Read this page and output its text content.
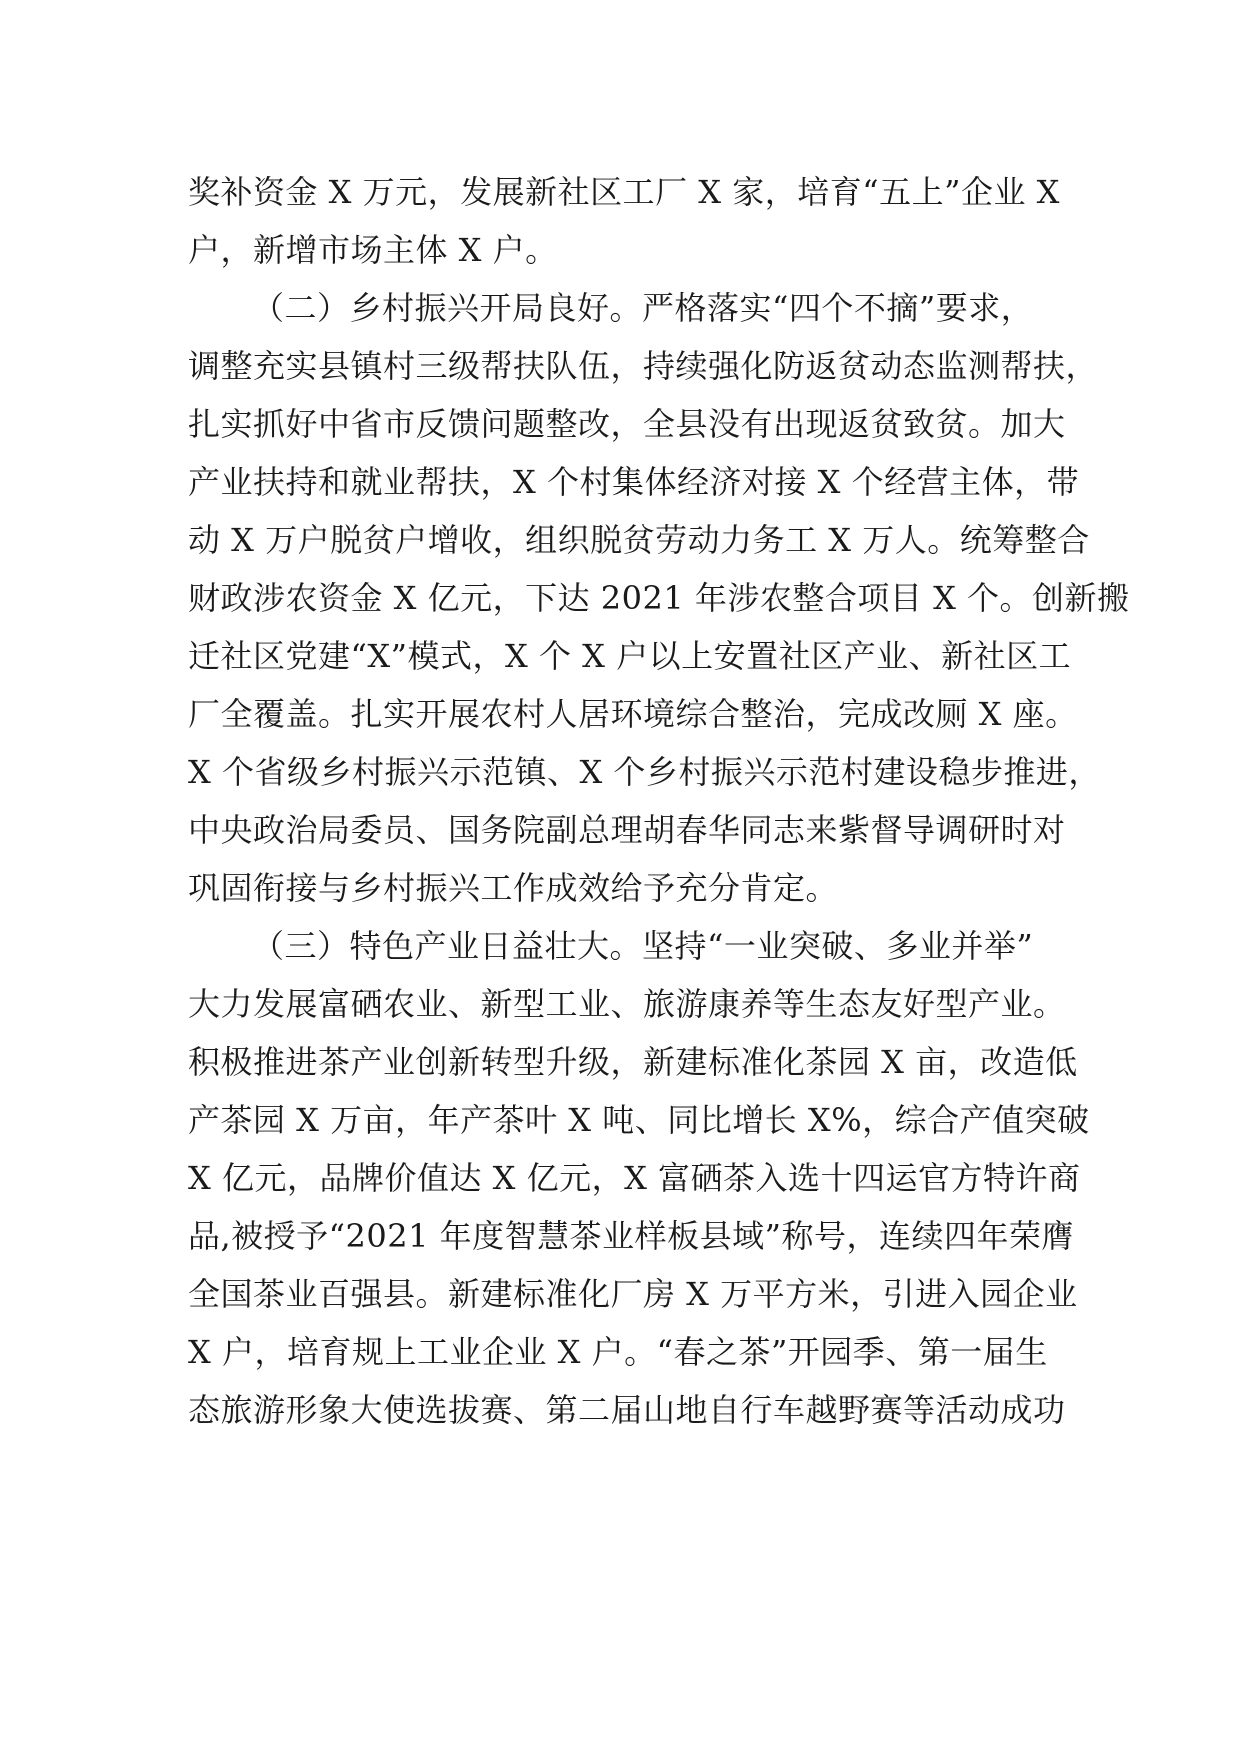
奖补资金 X 万元，发展新社区工厂 X 家，培育“五上”企业 X
户，新增市场主体 X 户。
（二）乡村振兴开局良好。严格落实“四个不摘”要求，
调整充实县镇村三级帮扶队伍，持续强化防返贫动态监测帮扶，
扎实抓好中省市反馈问题整改，全县没有出现返贫致贫。加大
产业扶持和就业帮扶，X 个村集体经济对接 X 个经营主体，带
动 X 万户脱贫户增收，组织脱贫劳动力务工 X 万人。统筹整合
财政涉农资金 X 亿元，下达 2021 年涉农整合项目 X 个。创新搬
迁社区党建“X”模式，X 个 X 户以上安置社区产业、新社区工
厂全覆盖。扎实开展农村人居环境综合整治，完成改厕 X 座。
X 个省级乡村振兴示范镇、X 个乡村振兴示范村建设稳步推进，
中央政治局委员、国务院副总理胡春华同志来紫督导调研时对
巩固衔接与乡村振兴工作成效给予充分肯定。
（三）特色产业日益壮大。坚持“一业突破、多业并举”
大力发展富硒农业、新型工业、旅游康养等生态友好型产业。
积极推进茶产业创新转型升级，新建标准化茶园 X 亩，改造低
产茶园 X 万亩，年产茶叶 X 吨、同比增长 X%，综合产值突破
X 亿元，品牌价值达 X 亿元，X 富硒茶入选十四运官方特许商
品,被授予“2021 年度智慧茶业样板县域”称号，连续四年荣膺
全国茶业百强县。新建标准化厂房 X 万平方米，引进入园企业
X 户，培育规上工业企业 X 户。“春之茶”开园季、第一届生
态旅游形象大使选拔赛、第二届山地自行车越野赛等活动成功
